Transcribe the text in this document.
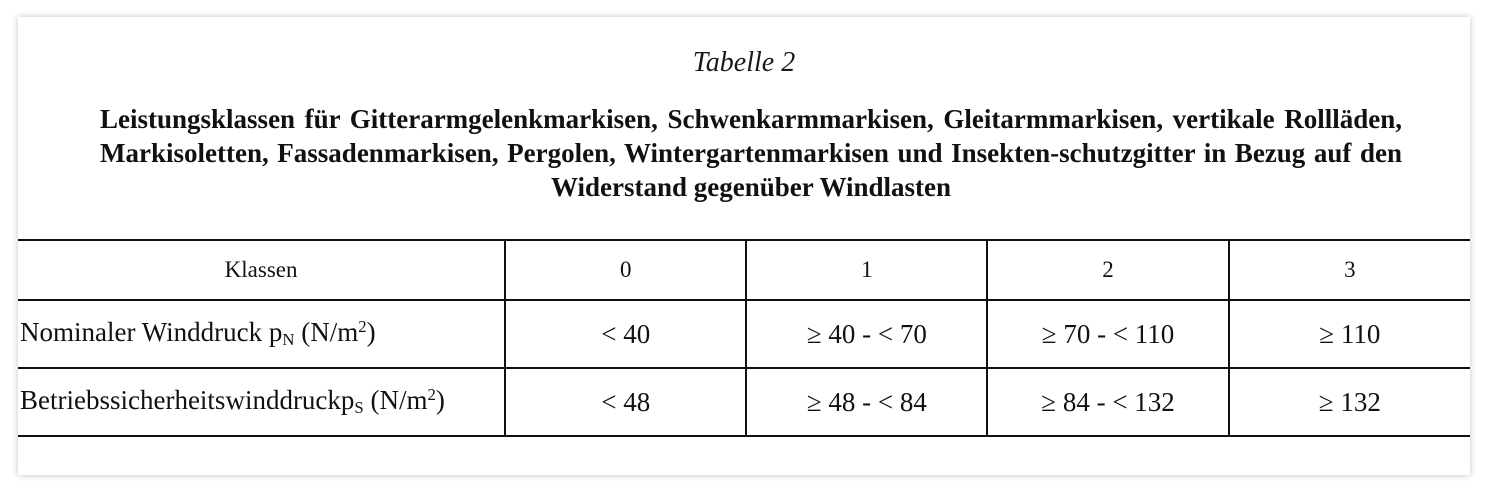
Tabelle 2
Leistungsklassen für Gitterarmgelenkmarkisen, Schwenkarmmarkisen, Gleitarmmarkisen, vertikale Rollläden, Markisoletten, Fassadenmarkisen, Pergolen, Wintergartenmarkisen und Insekten-schutzgitter in Bezug auf den Widerstand gegenüber Windlasten
Klassen	0	1	2	3
Nominaler Winddruck $p_N$ $(N/m^2)$	< 40	≥ 40 - < 70	≥ 70 - < 110	≥ 110
Betriebssicherheitswinddruckp$_S$ $(N/m^2)$	< 48	≥ 48 - < 84	≥ 84 - < 132	≥ 132
